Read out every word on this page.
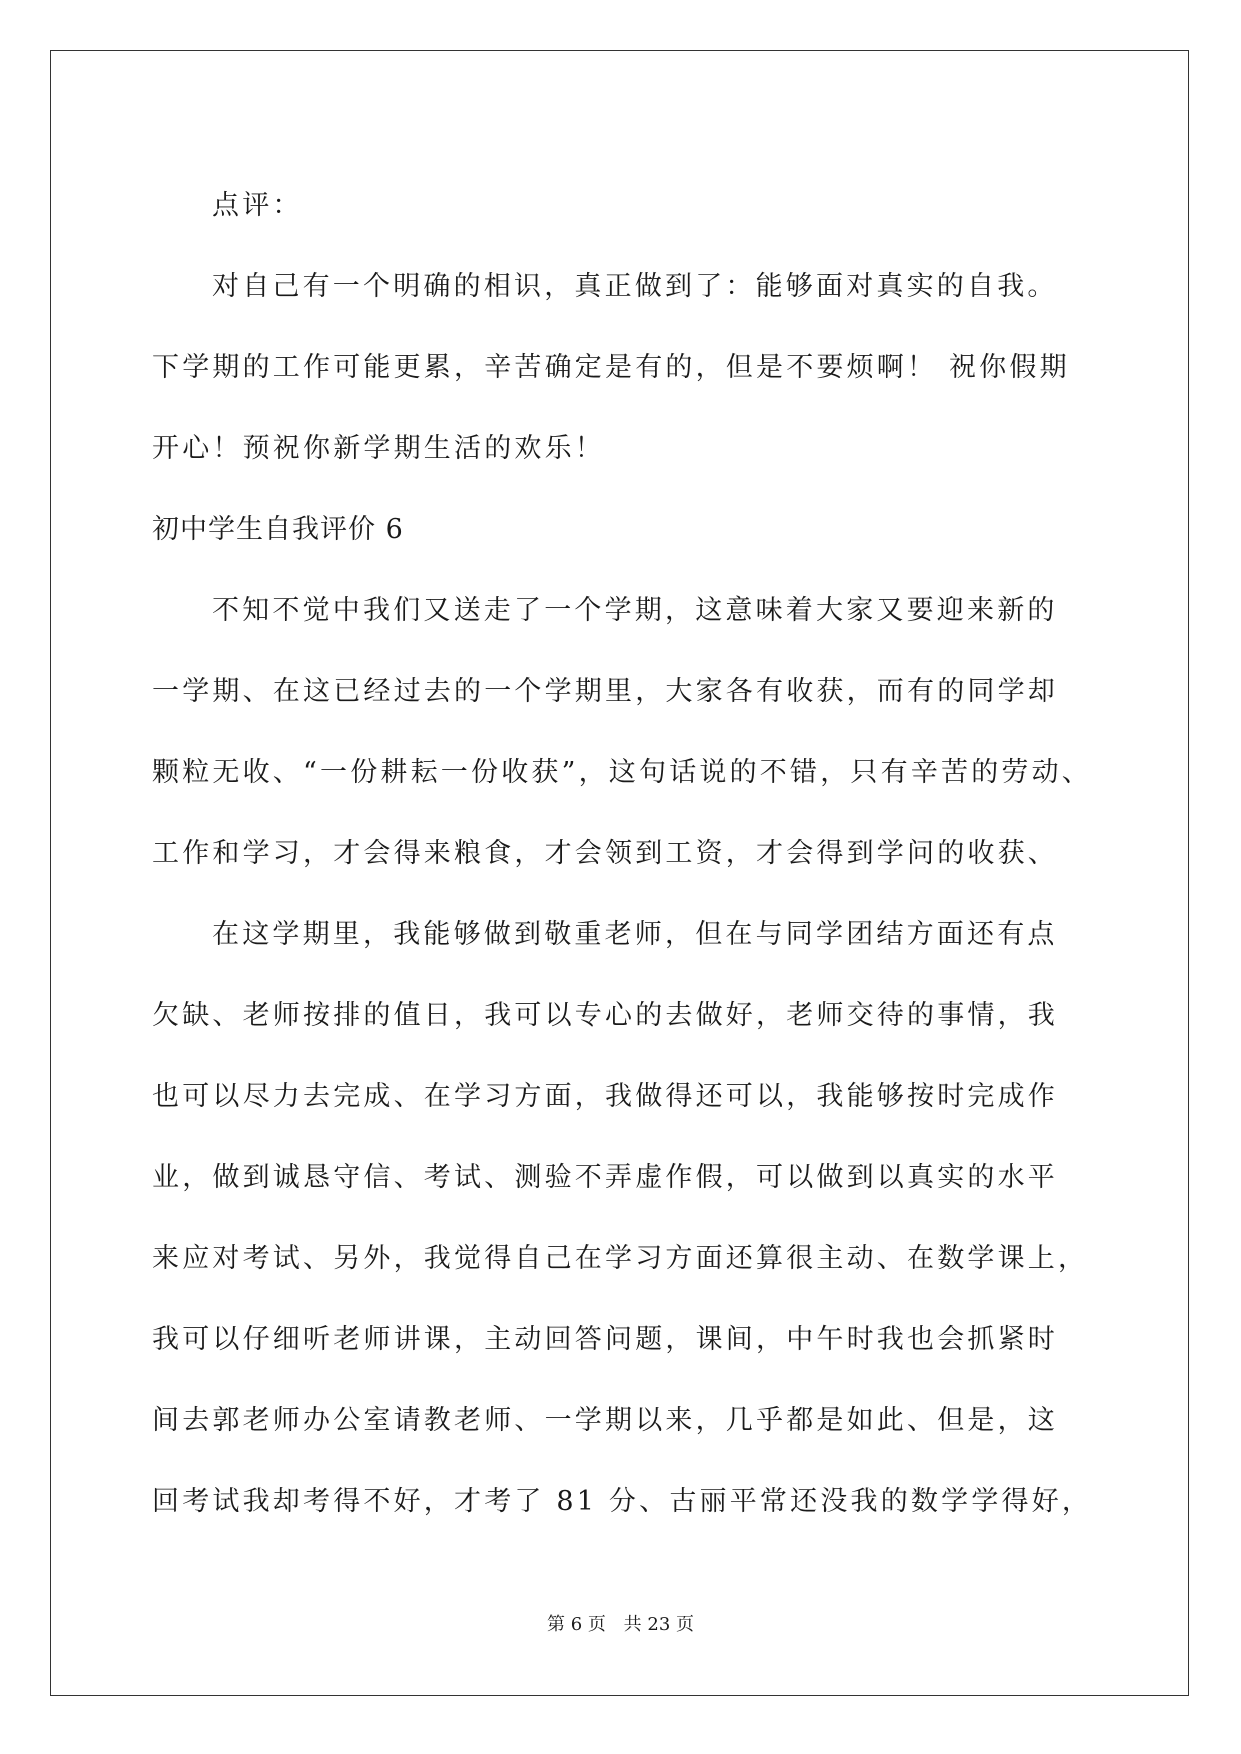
点评：

对自己有一个明确的相识，真正做到了：能够面对真实的自我。
下学期的工作可能更累，辛苦确定是有的，但是不要烦啊！ 祝你假期
开心！预祝你新学期生活的欢乐！

初中学生自我评价 6

不知不觉中我们又送走了一个学期，这意味着大家又要迎来新的
一学期、在这已经过去的一个学期里，大家各有收获，而有的同学却
颗粒无收、“一份耕耘一份收获”，这句话说的不错，只有辛苦的劳动、
工作和学习，才会得来粮食，才会领到工资，才会得到学问的收获、

在这学期里，我能够做到敬重老师，但在与同学团结方面还有点
欠缺、老师按排的值日，我可以专心的去做好，老师交待的事情，我
也可以尽力去完成、在学习方面，我做得还可以，我能够按时完成作
业，做到诚恳守信、考试、测验不弄虚作假，可以做到以真实的水平
来应对考试、另外，我觉得自己在学习方面还算很主动、在数学课上，
我可以仔细听老师讲课，主动回答问题，课间，中午时我也会抓紧时
间去郭老师办公室请教老师、一学期以来，几乎都是如此、但是，这
回考试我却考得不好，才考了 81 分、古丽平常还没我的数学学得好，

第 6 页 共 23 页
